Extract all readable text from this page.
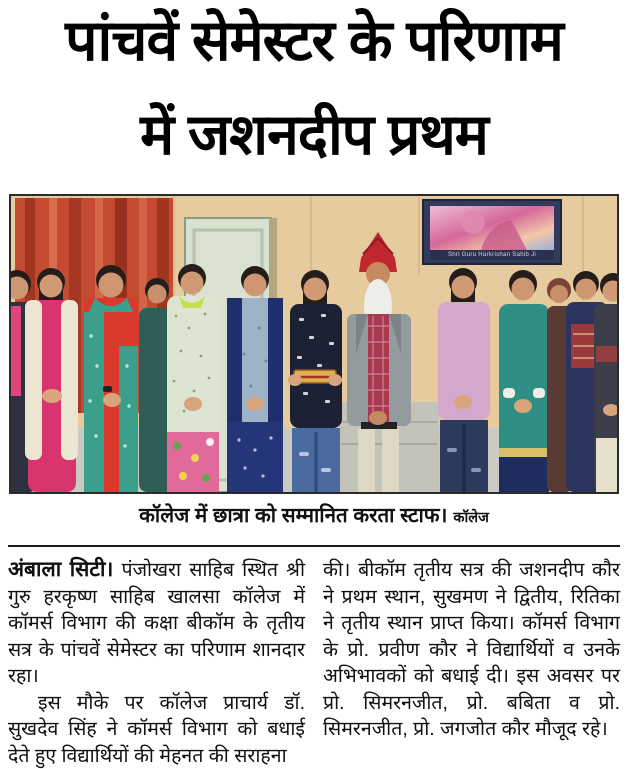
पांचवें सेमेस्टर के परिणाम
में जशनदीप प्रथम
Shri Guru Harkrishan Sahib Ji
कॉलेज में छात्रा को सम्मानित करता स्टाफ। कॉलेज

अंबाला सिटी। पंजोखरा साहिब स्थित श्री गुरु हरकृष्ण साहिब खालसा कॉलेज में कॉमर्स विभाग की कक्षा बीकॉम के तृतीय सत्र के पांचवें सेमेस्टर का परिणाम शानदार रहा।

इस मौके पर कॉलेज प्राचार्य डॉ. सुखदेव सिंह ने कॉमर्स विभाग को बधाई देते हुए विद्यार्थियों की मेहनत की सराहना

की। बीकॉम तृतीय सत्र की जशनदीप कौर ने प्रथम स्थान, सुखमण ने द्वितीय, रितिका ने तृतीय स्थान प्राप्त किया। कॉमर्स विभाग के प्रो. प्रवीण कौर ने विद्यार्थियों व उनके अभिभावकों को बधाई दी। इस अवसर पर प्रो. सिमरनजीत, प्रो. बबिता व प्रो. सिमरनजीत, प्रो. जगजोत कौर मौजूद रहे।
